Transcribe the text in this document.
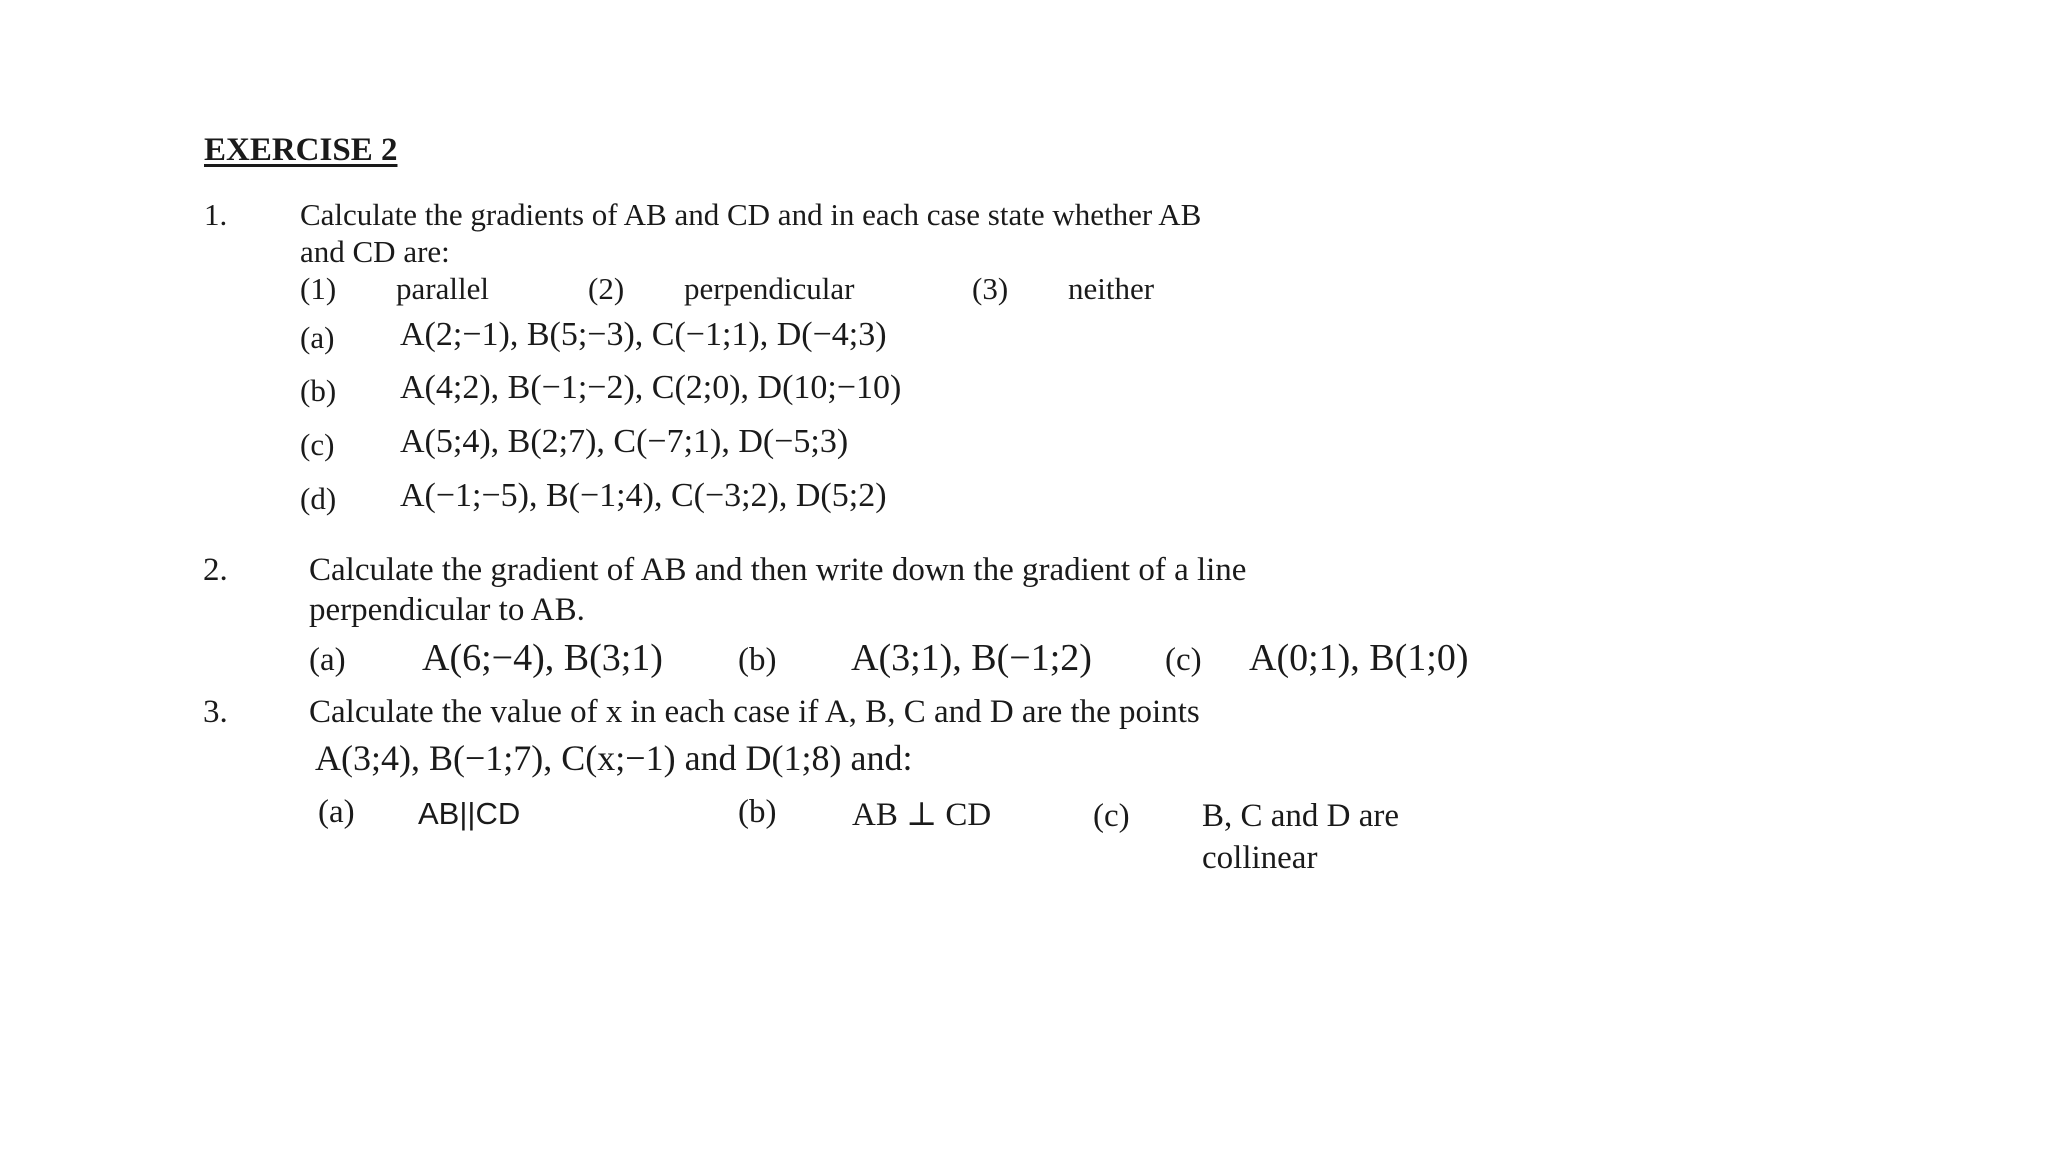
EXERCISE 2
1. Calculate the gradients of AB and CD and in each case state whether AB
and CD are:
(1) parallel	(2) perpendicular	(3) neither
(a) A(2;−1), B(5;−3), C(−1;1), D(−4;3)
(b) A(4;2), B(−1;−2), C(2;0), D(10;−10)
(c) A(5;4), B(2;7), C(−7;1), D(−5;3)
(d) A(−1;−5), B(−1;4), C(−3;2), D(5;2)
2. Calculate the gradient of AB and then write down the gradient of a line
perpendicular to AB.
(a) A(6;−4), B(3;1) (b) A(3;1), B(−1;2) (c) A(0;1), B(1;0)
3. Calculate the value of x in each case if A, B, C and D are the points
A(3;4), B(−1;7), C(x;−1) and D(1;8) and:
(a) AB||CD	(b) AB ⊥ CD	(c) B, C and D are
collinear
